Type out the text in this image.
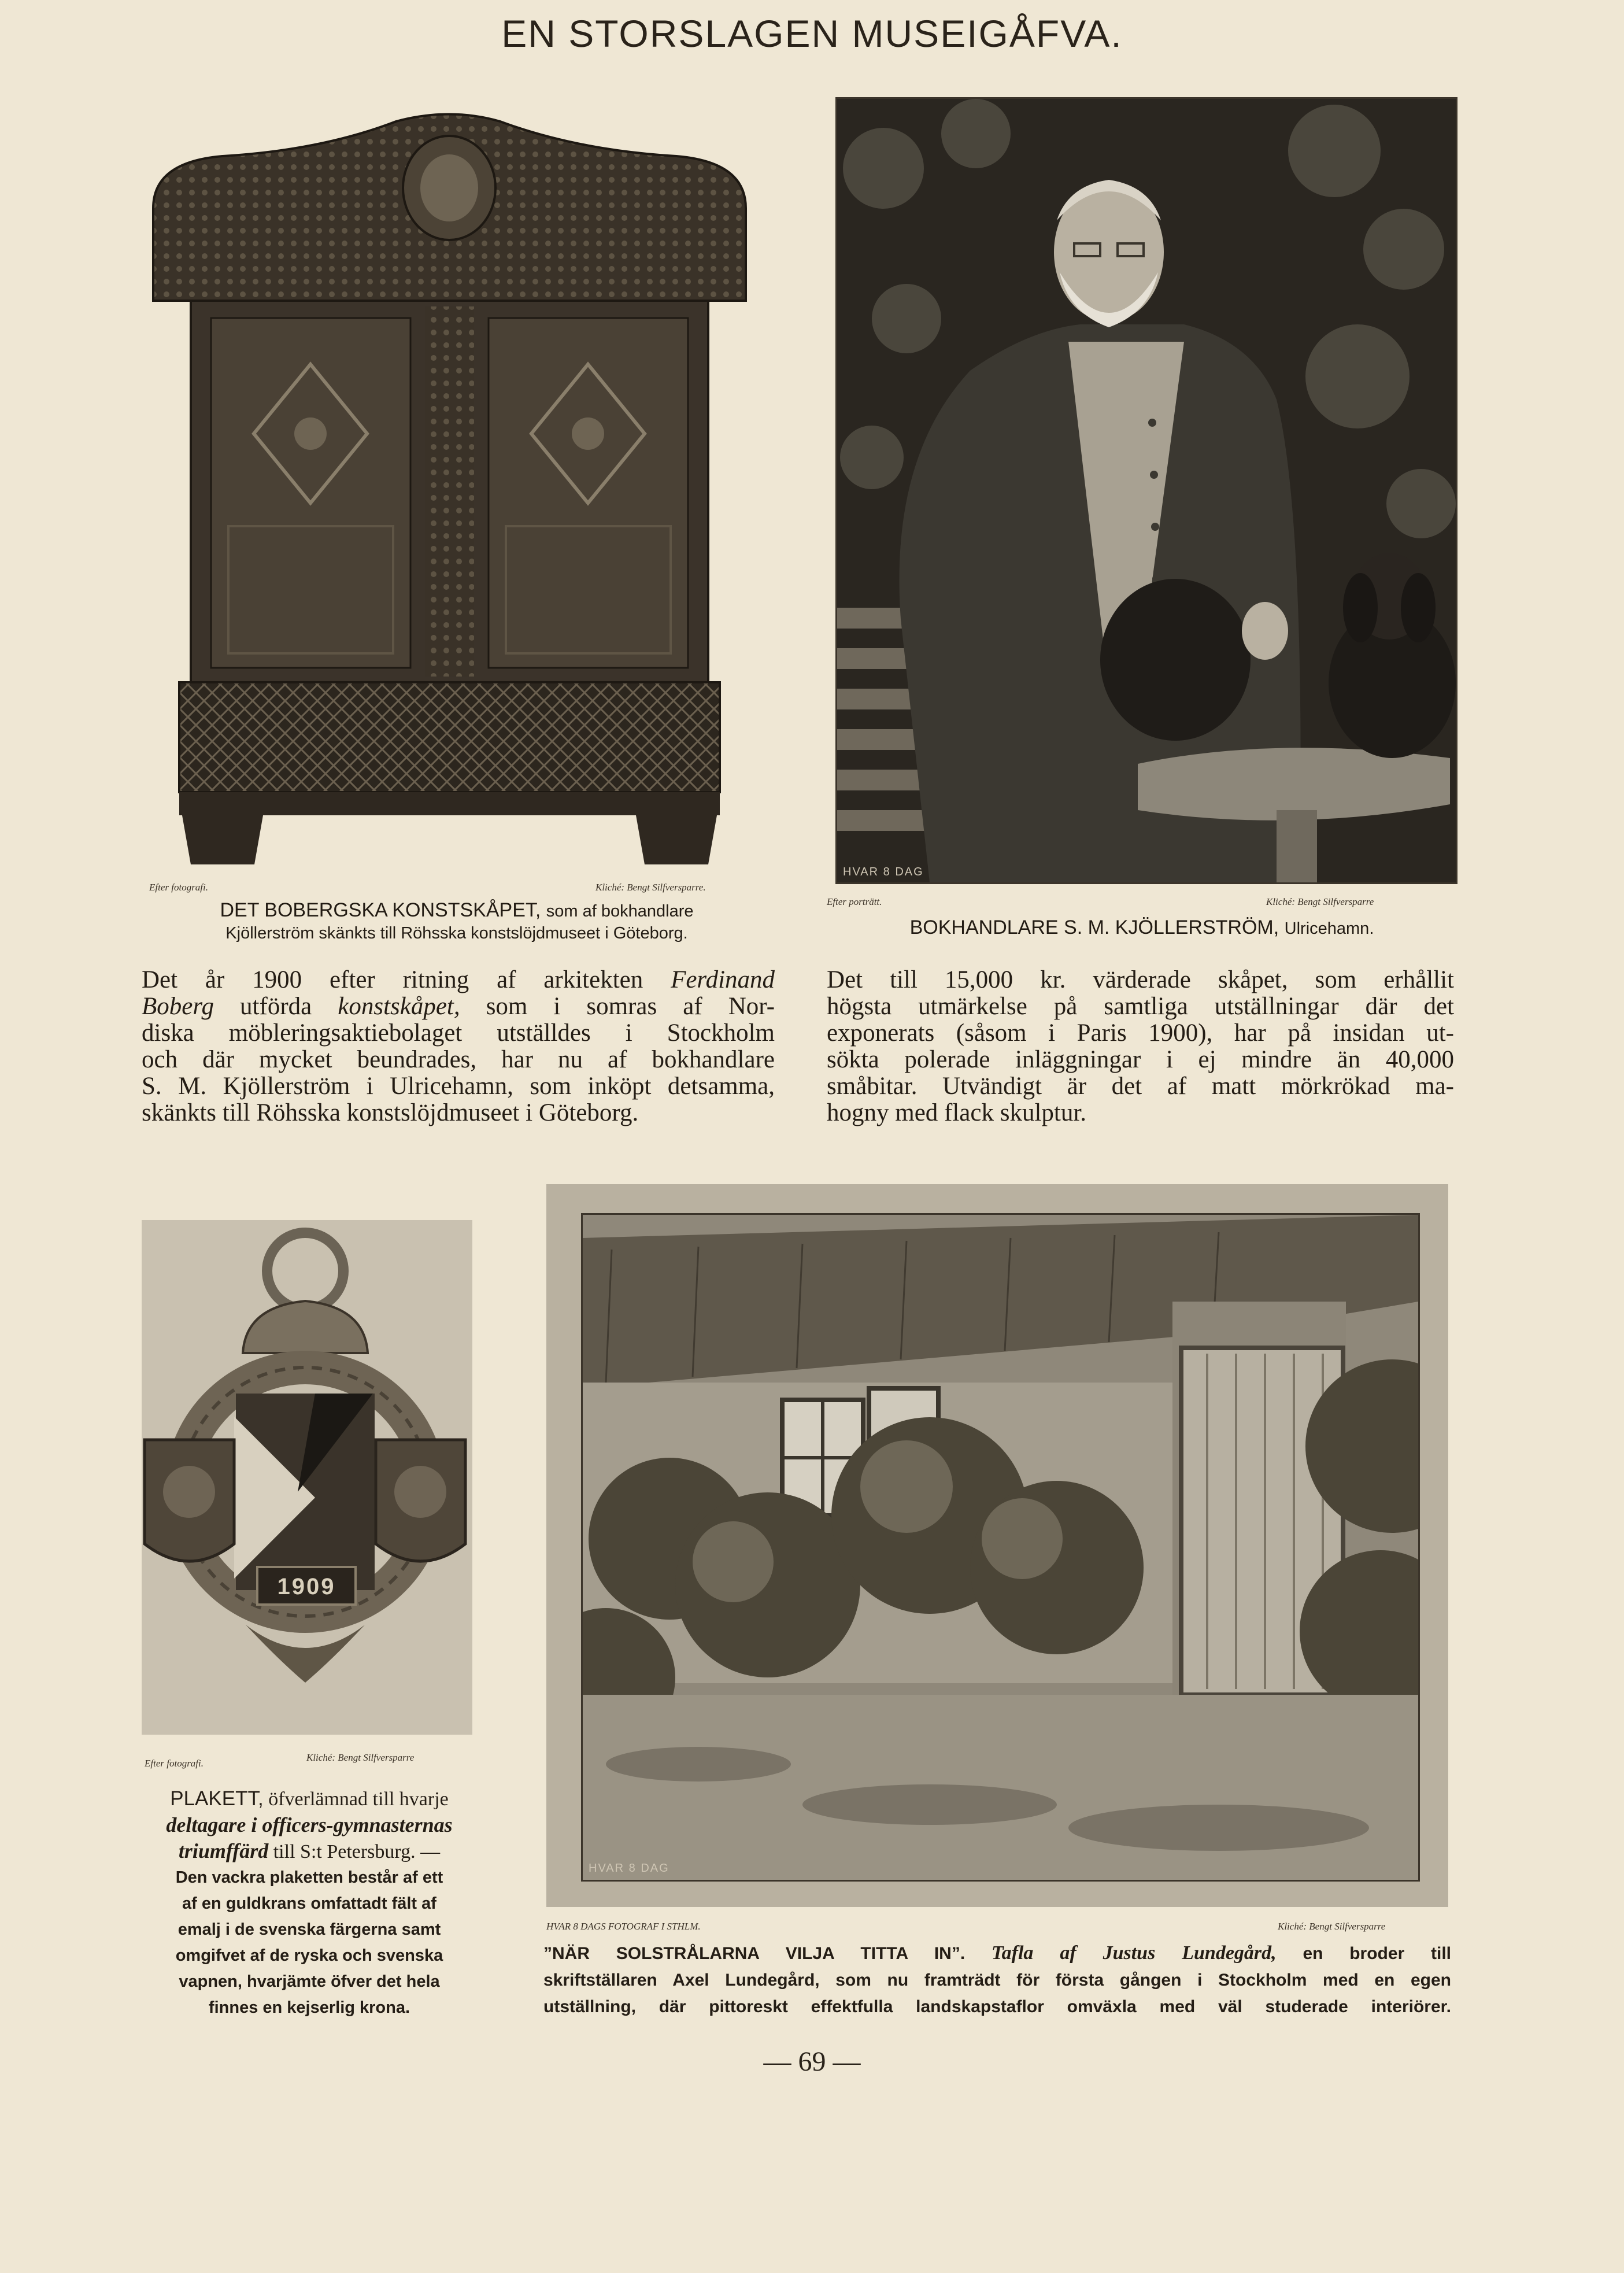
EN STORSLAGEN MUSEIGÅFVA.
Efter fotografi.	Kliché: Bengt Silfversparre.
DET BOBERGSKA KONSTSKÅPET, som af bokhandlare
Kjöllerström skänkts till Röhsska konstslöjdmuseet i Göteborg.
HVAR 8 DAG
Efter porträtt.	Kliché: Bengt Silfversparre
BOKHANDLARE S. M. KJÖLLERSTRÖM, Ulricehamn.
Det år 1900 efter ritning af arkitekten Ferdinand
Boberg utförda konstskåpet, som i somras af Nor-
diska möbleringsaktiebolaget utställdes i Stockholm
och där mycket beundrades, har nu af bokhandlare
S. M. Kjöllerström i Ulricehamn, som inköpt detsamma,
skänkts till Röhsska konstslöjdmuseet i Göteborg.
Det till 15,000 kr. värderade skåpet, som erhållit
högsta utmärkelse på samtliga utställningar där det
exponerats (såsom i Paris 1900), har på insidan ut-
sökta polerade inläggningar i ej mindre än 40,000
småbitar. Utvändigt är det af matt mörkrökad ma-
hogny med flack skulptur.
1909
Efter fotografi.
Kliché: Bengt Silfversparre
PLAKETT, öfverlämnad till hvarje
deltagare i officers-gymnasternas
triumffärd till S:t Petersburg. —
Den vackra plaketten består af ett
af en guldkrans omfattadt fält af
emalj i de svenska färgerna samt
omgifvet af de ryska och svenska
vapnen, hvarjämte öfver det hela
finnes en kejserlig krona.
HVAR 8 DAG
HVAR 8 DAGS FOTOGRAF I STHLM.	Kliché: Bengt Silfversparre
”NÄR SOLSTRÅLARNA VILJA TITTA IN”. Tafla af Justus Lundegård, en broder till
skriftställaren Axel Lundegård, som nu framträdt för första gången i Stockholm med en egen
utställning, där pittoreskt effektfulla landskapstaflor omväxla med väl studerade interiörer.
— 69 —
